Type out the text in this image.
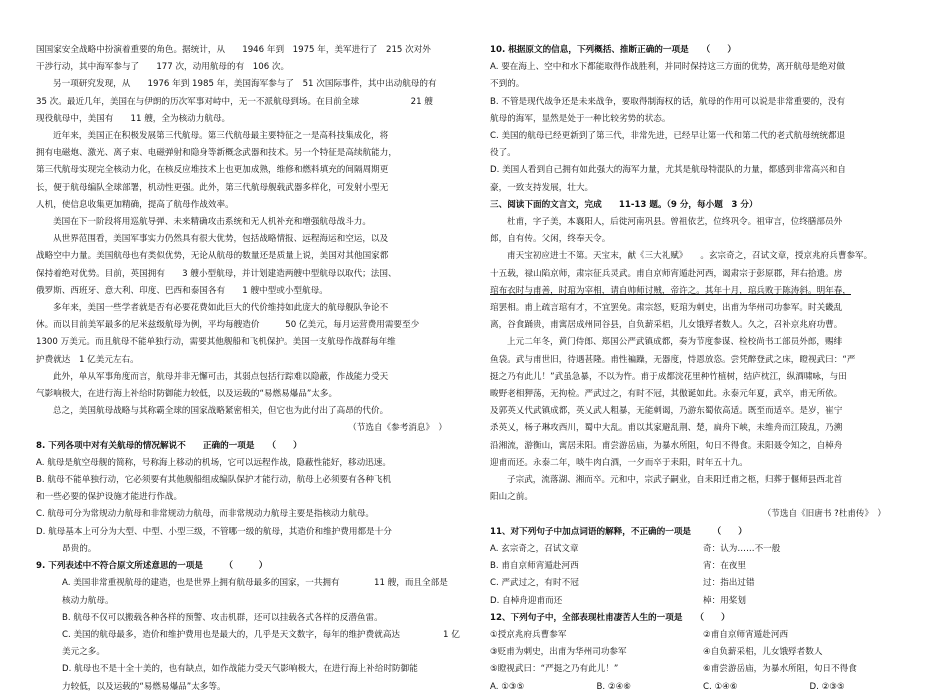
国国家安全战略中扮演着重要的角色。据统计，从　　1946 年到　1975 年，美军进行了　215 次对外
干涉行动，其中海军参与了　　177 次，动用航母的有　106 次。
另一项研究发现，从　　1976 年到 1985 年，美国海军参与了　51 次国际事件，其中出动航母的有
35 次。最近几年，美国在与伊朗的历次军事对峙中，无一不派航母到场。在目前全球　　　　　　21 艘
现役航母中，美国有　　11 艘，全为核动力航母。
近年来，美国正在积极发展第三代航母。第三代航母最主要特征之一是高科技集成化，将
拥有电磁炮、激光、离子束、电磁弹射和隐身等新概念武器和技术。另一个特征是高续航能力，
第三代航母实现完全核动力化，在核反应堆技术上也更加成熟，维修和燃料填充的间隔周期更
长，便于航母编队全球部署，机动性更强。此外，第三代航母舰载武器多样化，可发射小型无
人机，使信息收集更加精确，提高了航母作战效率。
美国在下一阶段将用巡航导弹、未来精确攻击系统和无人机补充和增强航母战斗力。
从世界范围看，美国军事实力仍然具有很大优势，包括战略情报、远程海运和空运，以及
战略空中力量。美国航母也有类似优势，无论从航母的数量还是质量上说，美国对其他国家都
保持着绝对优势。目前，英国拥有　　3 艘小型航母，并计划建造两艘中型航母以取代；法国、
俄罗斯、西班牙、意大利、印度、巴西和泰国各有　　1 艘中型或小型航母。
多年来，美国一些学者就是否有必要花费如此巨大的代价维持如此庞大的航母舰队争论不
休。而以目前美军最多的尼米兹级航母为例，平均每艘造价　　　50 亿美元，每月运营费用需要至少
1300 万美元。而且航母不能单独行动，需要其他舰船和飞机保护。美国一支航母作战群每年维
护费就达　1 亿美元左右。
此外，单从军事角度而言，航母并非无懈可击，其弱点包括行踪难以隐蔽，作战能力受天
气影响极大，在进行海上补给时防御能力较低，以及运载的“易燃易爆品”太多。
总之，美国航母战略与其称霸全球的国家战略紧密相关，但它也为此付出了高昂的代价。
（节选自《参考消息》　）
8. 下列各项中对有关航母的情况解说不　　正确的一项是　　（　　）
A. 航母是航空母舰的简称，号称海上移动的机场，它可以远程作战，隐蔽性能好，移动迅速。
B. 航母不能单独行动，它必须要有其他舰船组成编队保护才能行动，航母上必须要有各种飞机
和一些必要的保护设施才能进行作战。
C. 航母可分为常规动力航母和非常规动力航母，而非常规动力航母主要是指核动力航母。
D. 航母基本上可分为大型、中型、小型三级，不管哪一级的航母，其造价和维护费用都是十分
昂贵的。
9. 下列表述中不符合原文所述意思的一项是　　　（　　　）
A. 美国非常重视航母的建造，也是世界上拥有航母最多的国家，一共拥有　　　　11 艘，而且全部是
核动力航母。
B. 航母不仅可以搬载各种各样的预警、攻击机群，还可以挂载各式各样的反潜鱼雷。
C. 美国的航母最多，造价和维护费用也是最大的，几乎是天文数字，每年的维护费就高达　　　　　1 亿
美元之多。
D. 航母也不是十全十美的，也有缺点，如作战能力受天气影响极大，在进行海上补给时防御能
力较低，以及运载的“易燃易爆品”太多等。
10. 根据原文的信息，下列概括、推断正确的一项是　　（　　）
A. 要在海上、空中和水下都能取得作战胜利，并同时保持这三方面的优势，离开航母是绝对做
不到的。
B. 不管是现代战争还是未来战争，要取得制海权的话，航母的作用可以说是非常重要的，没有
航母的海军，显然是处于一种比较劣势的状态。
C. 美国的航母已经更新到了第三代，非常先进，已经早让第一代和第二代的老式航母统统都退
役了。
D. 美国人看到自己拥有如此强大的海军力量，尤其是航母特混队的力量，都感到非常高兴和自
豪，一致支持发展，壮大。
三、阅读下面的文言文，完成　　11-13 题。（9 分，每小题　3 分）
杜甫，字子美，本襄阳人，后徙河南巩县。曾祖依艺，位终巩令。祖审言，位终膳部员外
郎，自有传。父闲，终奉天令。
甫天宝初应进士不第。天宝末，献《三大礼赋》　　。玄宗奇之，召试文章，授京兆府兵曹参军。
十五载，禄山陷京师，肃宗征兵灵武。甫自京师宵遁赴河西，谒肃宗于彭原郡，拜右拾遗。房
琯布衣时与甫善，时琯为宰相，请自帅师讨贼，帝许之。其年十月，琯兵败于陈涛斜。明年春，
琯罢相。甫上疏言琯有才，不宜罢免。肃宗怒，贬琯为刺史，出甫为华州司功参军。时关畿乱
离，谷食踊贵，甫寓居成州同谷县，自负薪采梠，儿女饿殍者数人。久之，召补京兆府功曹。
上元二年冬，黄门侍郎、郑国公严武镇成都，奏为节度参谋、检校尚书工部员外郎，赐绯
鱼袋。武与甫世旧，待遇甚隆。甫性褊躁，无器度，恃恩放恣。尝凭醉登武之床，瞪视武曰：“严
挺之乃有此儿！”武虽急暴，不以为忤。甫于成都浣花里种竹植树，结庐枕江，纵酒啸咏，与田
畯野老相狎荡，无拘检。严武过之，有时不冠，其傲诞如此。永泰元年夏，武卒，甫无所依。
及郭英乂代武镇成都，英乂武人粗暴，无能刺谒，乃游东蜀依高适。既至而适卒。是岁，崔宁
杀英乂，杨子琳攻西川，蜀中大乱。甫以其家避乱荆、楚，扁舟下峡，未维舟而江陵乱，乃溯
沿湘流，游衡山，寓居耒阳。甫尝游岳庙，为暴水所阻，旬日不得食。耒阳聂令知之，自棹舟
迎甫而还。永泰二年，啖牛肉白酒，一夕而卒于耒阳，时年五十九。
子宗武，流落湖、湘而卒。元和中，宗武子嗣业，自耒阳迁甫之柩，归葬于偃师县西北首
阳山之前。
（节选自《旧唐书 ?杜甫传》　）
11、对下列句子中加点词语的解释，不正确的一项是　　　（　　）
A. 玄宗奇之，召试文章	奇：认为……不一般
B. 甫自京师宵遁赴河西	宵：在夜里
C. 严武过之，有时不冠	过：指出过错
D. 自棹舟迎甫而还	棹：用桨划
12、下列句子中，全部表现杜甫凄苦人生的一项是　　（　　）
①授京兆府兵曹参军	②甫自京师宵遁赴河西
③贬甫为刺史，出甫为华州司功参军	④自负薪采梠，儿女饿殍者数人
⑤瞪视武曰：“严挺之乃有此儿！”	⑥甫尝游岳庙，为暴水所阻，旬日不得食
A. ①③⑤	B. ②④⑥	C. ①④⑥	D. ②③⑤
